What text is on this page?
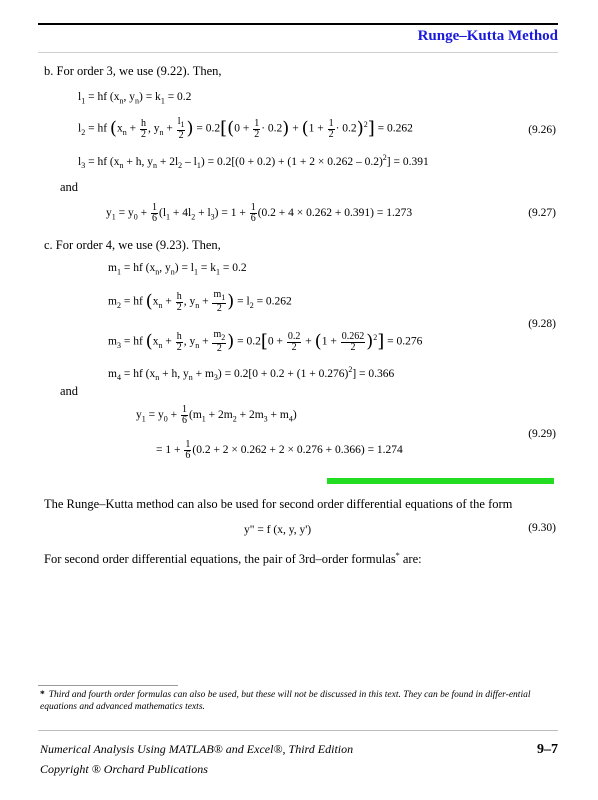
Runge–Kutta Method
b. For order 3, we use (9.22). Then,
$l_1$ = hf ($x_n$, $y_n) = k_1 = 0.2$
$l_2$ = hf ($x_n + \frac{h}{2}$ , $y_n + \frac{l_1}{2}$ ) = $0.2[(0 + \frac{1}{2} \cdot 0.2) + (1 + \frac{1}{2} \cdot 0.2)^2] = 0.262$	(9.26)
$l_3$ = hf ($x_n + h$, $y_n + 2l_2 - l_1) = 0.2[(0 + 0.2) + (1 + 2 \times 0.262 - 0.2)^2] = 0.391$
and
$y_1 = y_0 + \frac{1}{6} (l_1 + 4l_2 + l_3) = 1 + \frac{1}{6} (0.2 + 4 \times 0.262 + 0.391) = 1.273$	(9.27)
c. For order 4, we use (9.23). Then,
$m_1$ = hf ($x_n$, $y_n) = l_1 = k_1 = 0.2$
$m_2$ = hf ($x_n + \frac{h}{2}$ , $y_n + \frac{m_1}{2}$ ) = $l_2 = 0.262$
$m_3$ = hf ($x_n + \frac{h}{2}$ , $y_n + \frac{m_2}{2}$ ) = $0.2[0 + \frac{0.2}{2} + (1 + \frac{0.262}{2} )^2] = 0.276$
(9.28)
$m_4$ = hf ($x_n + h$, $y_n + m_3) = 0.2[0 + 0.2 + (1 + 0.276)^2] = 0.366$
and
$y_1 = y_0 + \frac{1}{6} (m_1 + 2m_2 + 2m_3 + m_4)$
(9.29)
= $1 + \frac{1}{6} (0.2 + 2 \times 0.262 + 2 \times 0.276 + 0.366) = 1.274$
The Runge–Kutta method can also be used for second order differential equations of the form
y" = f (x, y, y')	(9.30)
For second order differential equations, the pair of 3rd–order formulas* are:
* Third and fourth order formulas can also be used, but these will not be discussed in this text. They can be found in differ-ential equations and advanced mathematics texts.
Numerical Analysis Using MATLAB® and Excel®, Third Edition
Copyright ® Orchard Publications
9–7
